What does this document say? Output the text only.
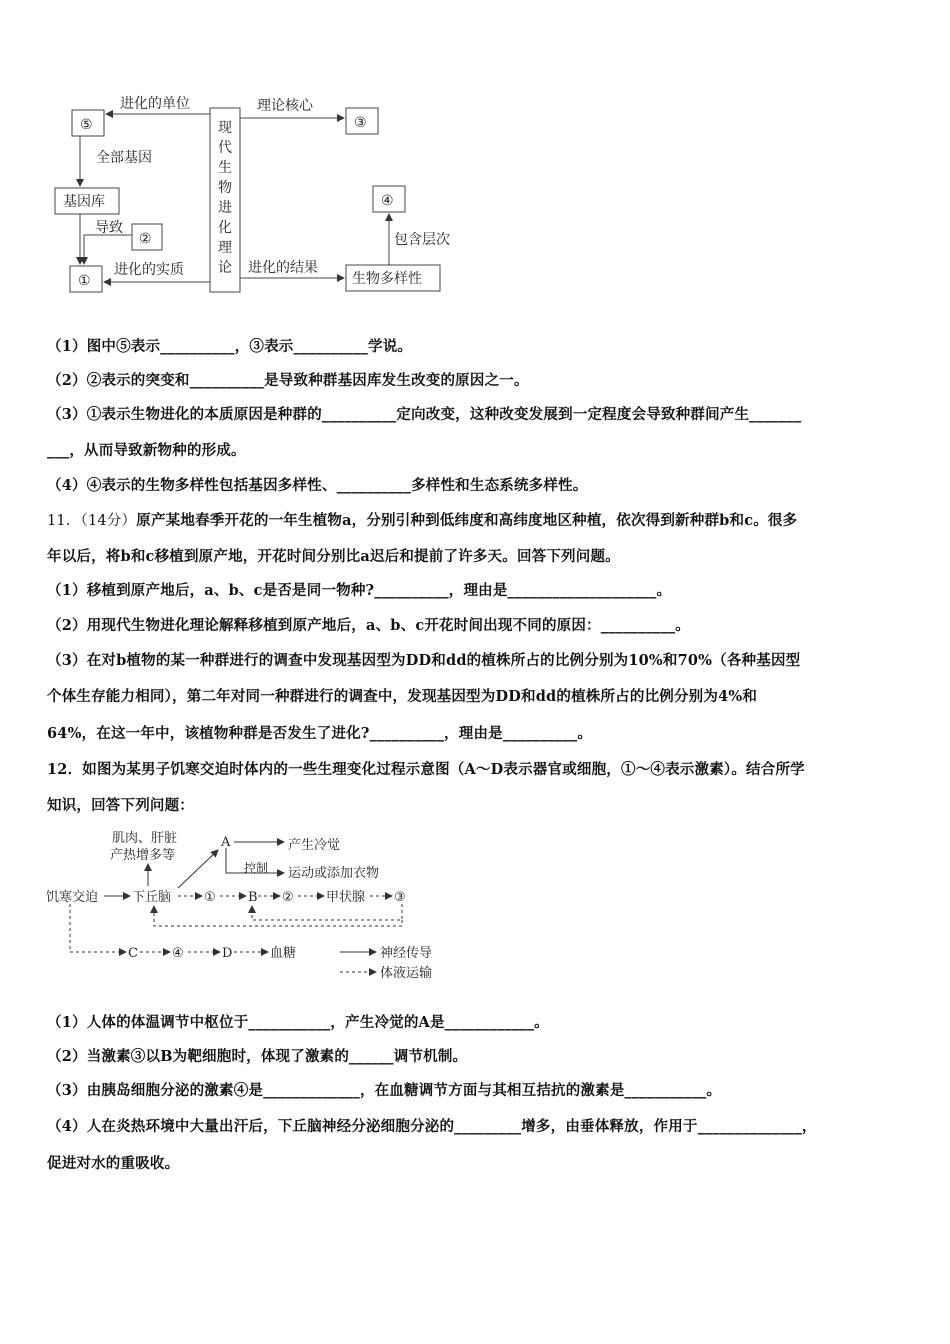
⑤	③
基因库
②
④
①	生物多样性
现
代
生
物
进
化
理
论
进化的单位	理论核心
全部基因
导致
进化的实质	进化的结果
包含层次
（1）图中⑤表示__________，③表示__________学说。
（2）②表示的突变和__________是导致种群基因库发生改变的原因之一。
（3）①表示生物进化的本质原因是种群的__________定向改变，这种改变发展到一定程度会导致种群间产生_______
___，从而导致新物种的形成。
（4）④表示的生物多样性包括基因多样性、__________多样性和生态系统多样性。
11．（14分）原产某地春季开花的一年生植物a，分别引种到低纬度和高纬度地区种植，依次得到新种群b和c。很多
年以后，将b和c移植到原产地，开花时间分别比a迟后和提前了许多天。回答下列问题。
（1）移植到原产地后，a、b、c是否是同一物种?__________，理由是____________________。
（2）用现代生物进化理论解释移植到原产地后，a、b、c开花时间出现不同的原因：__________。
（3）在对b植物的某一种群进行的调查中发现基因型为DD和dd的植株所占的比例分别为10%和70%（各种基因型
个体生存能力相同），第二年对同一种群进行的调查中，发现基因型为DD和dd的植株所占的比例分别为4%和
64%，在这一年中，该植物种群是否发生了进化?__________，理由是__________。
12．如图为某男子饥寒交迫时体内的一些生理变化过程示意图（A～D表示器官或细胞，①～④表示激素）。结合所学
知识，回答下列问题：
肌肉、肝脏
产热增多等
饥寒交迫	下丘脑	① B ② 甲状腺 ③
A	产生冷觉
控制 运动或添加衣物
C	④	D	血糖	神经传导
体液运输
（1）人体的体温调节中枢位于___________，产生冷觉的A是____________。
（2）当激素③以B为靶细胞时，体现了激素的______调节机制。
（3）由胰岛细胞分泌的激素④是_____________，在血糖调节方面与其相互拮抗的激素是___________。
（4）人在炎热环境中大量出汗后，下丘脑神经分泌细胞分泌的_________增多，由垂体释放，作用于______________，
促进对水的重吸收。
